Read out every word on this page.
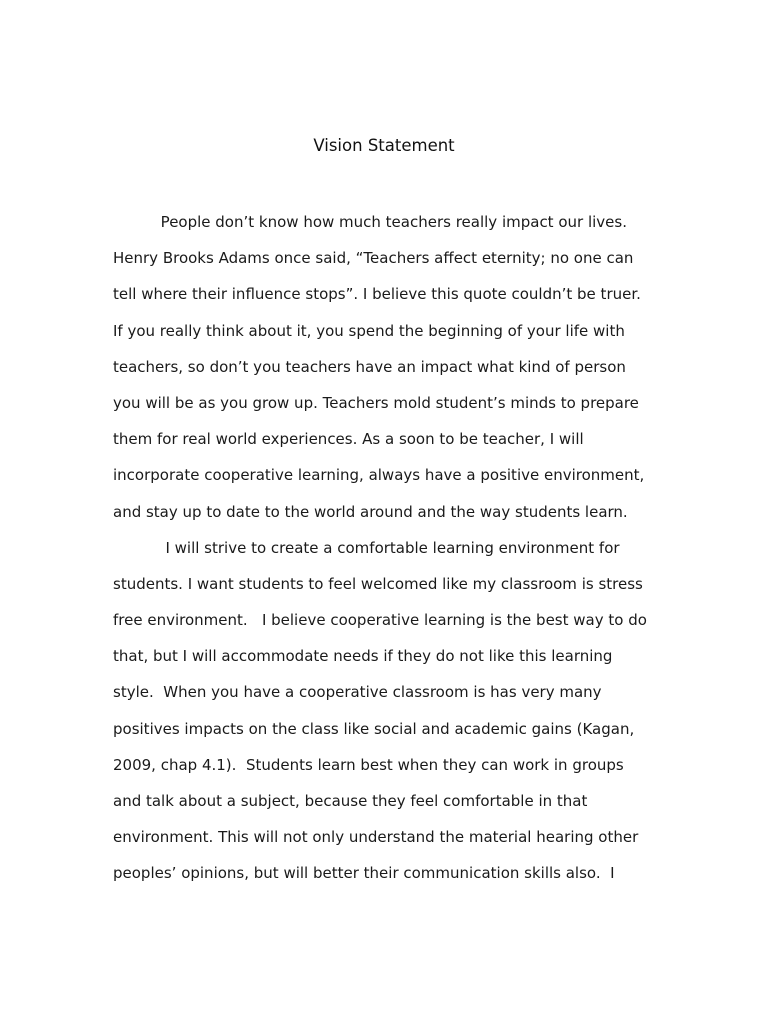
Vision Statement
People don’t know how much teachers really impact our lives.
Henry Brooks Adams once said, “Teachers affect eternity; no one can
tell where their influence stops”. I believe this quote couldn’t be truer.
If you really think about it, you spend the beginning of your life with
teachers, so don’t you teachers have an impact what kind of person
you will be as you grow up. Teachers mold student’s minds to prepare
them for real world experiences. As a soon to be teacher, I will
incorporate cooperative learning, always have a positive environment,
and stay up to date to the world around and the way students learn.
I will strive to create a comfortable learning environment for
students. I want students to feel welcomed like my classroom is stress
free environment.   I believe cooperative learning is the best way to do
that, but I will accommodate needs if they do not like this learning
style.  When you have a cooperative classroom is has very many
positives impacts on the class like social and academic gains (Kagan,
2009, chap 4.1).  Students learn best when they can work in groups
and talk about a subject, because they feel comfortable in that
environment. This will not only understand the material hearing other
peoples’ opinions, but will better their communication skills also.  I
